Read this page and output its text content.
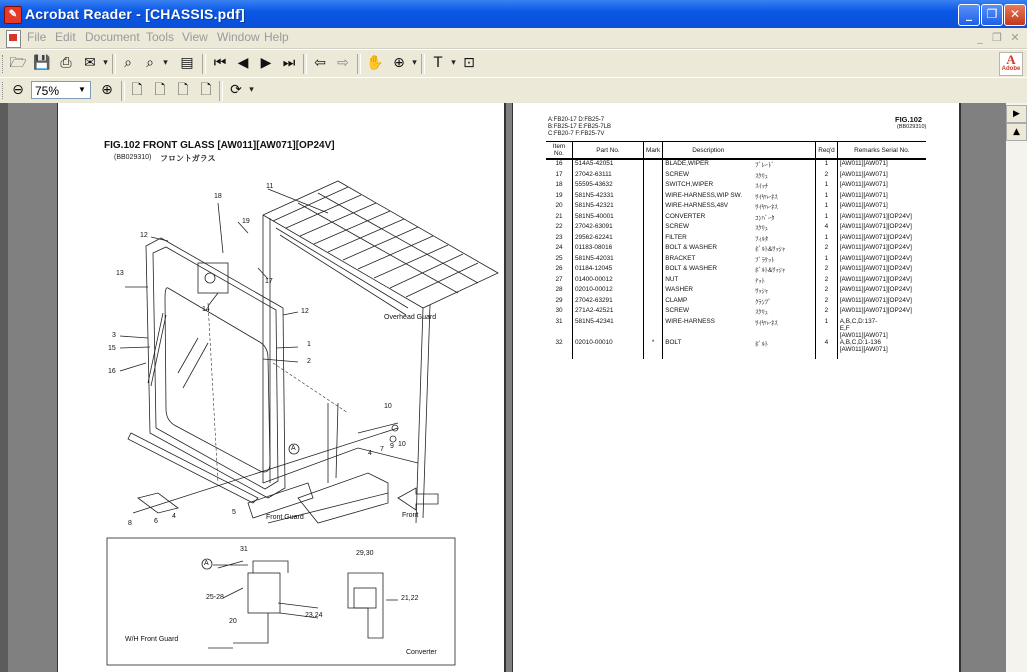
✎ Acrobat Reader - [CHASSIS.pdf]	_	❐	✕
File Edit Document Tools View Window Help	_ ❐ ✕
🗁 💾 ⎙ ✉ ▾	⌕	⌕	▾ ▤ ⏮ ◀ ▶ ⏭ ⇦ ⇨ ✋ ⊕ ▾	T ▾ ⊡	A
Adobe
⊖ 75%	▼ ⊕	🗋 🗋 🗋 🗋	⟳ ▾
FIG.102 FRONT GLASS [AW011][AW071][OP24V]
(BB029310) フロントガラス
11
12
18
19
17
13
14	12
Overhead Guard
3
15
16
1
2
10
A
4
7 9 10
8	6
4
5
Front Guard	Front
31
A
25-28
23,24
20
W/H Front Guard
29,30
21,22
Converter
A:FB20-17 D:FB25-7
B:FB25-17 E:FB25-7LB
C:FB20-7 F:FB25-7V
FIG.102
(BB029310)
Item No.	Part No.	Mark	Description		Req'd	Remarks Serial No.
16	514A5-42051		BLADE,WIPER	ﾌﾞﾚｰﾄﾞ	1	[AW011][AW071]
17	27042-63111		SCREW	ｽｸﾘｭ	2	[AW011][AW071]
18	55595-43632		SWITCH,WIPER	ｽｲｯﾁ	1	[AW011][AW071]
19	581N5-42331		WIRE-HARNESS,WIP SW.	ﾜｲﾔﾊｰﾈｽ	1	[AW011][AW071]
20	581N5-42321		WIRE-HARNESS,48V	ﾜｲﾔﾊｰﾈｽ	1	[AW011][AW071]
21	581N5-40001		CONVERTER	ｺﾝﾊﾞｰﾀ	1	[AW011][AW071][OP24V]
22	27042-63091		SCREW	ｽｸﾘｭ	4	[AW011][AW071][OP24V]
23	29562-62241		FILTER	ﾌｨﾙﾀ	1	[AW011][AW071][OP24V]
24	01183-08016		BOLT & WASHER	ﾎﾞﾙﾄ&ﾜｯｼｬ	2	[AW011][AW071][OP24V]
25	581N5-42031		BRACKET	ﾌﾞﾗｹｯﾄ	1	[AW011][AW071][OP24V]
26	01184-12045		BOLT & WASHER	ﾎﾞﾙﾄ&ﾜｯｼｬ	2	[AW011][AW071][OP24V]
27	01400-00012		NUT	ﾅｯﾄ	2	[AW011][AW071][OP24V]
28	02010-00012		WASHER	ﾜｯｼｬ	2	[AW011][AW071][OP24V]
29	27042-63291		CLAMP	ｸﾗﾝﾌﾟ	2	[AW011][AW071][OP24V]
30	271A2-42521		SCREW	ｽｸﾘｭ	2	[AW011][AW071][OP24V]
31	581N5-42341		WIRE-HARNESS	ﾜｲﾔﾊｰﾈｽ	1	A,B,C,D:137-
E,F
[AW011][AW071]
32	02010-00010	*	BOLT	ﾎﾞﾙﾄ	4	A,B,C,D:1-136
[AW011][AW071]
▶
▲
